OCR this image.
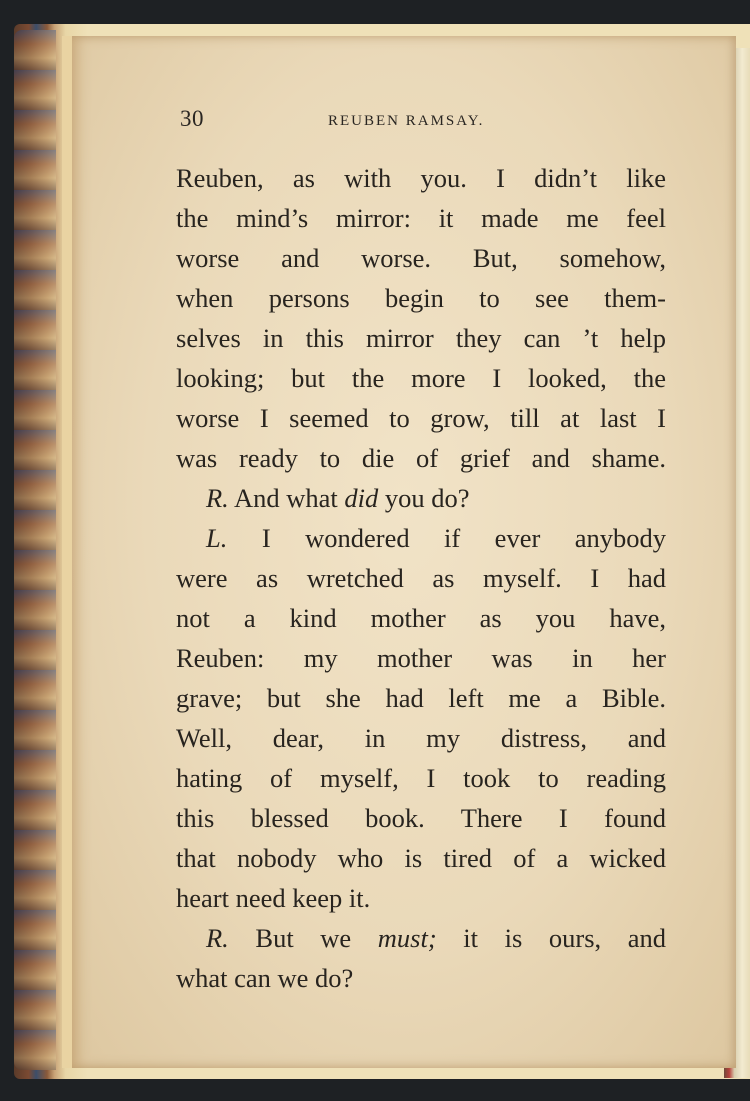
30	REUBEN RAMSAY.
Reuben, as with you. I didn’t like
the mind’s mirror: it made me feel
worse and worse. But, somehow,
when persons begin to see them-
selves in this mirror they can ’t help
looking; but the more I looked, the
worse I seemed to grow, till at last I
was ready to die of grief and shame.
R. And what did you do?
L. I wondered if ever anybody
were as wretched as myself. I had
not a kind mother as you have,
Reuben: my mother was in her
grave; but she had left me a Bible.
Well, dear, in my distress, and
hating of myself, I took to reading
this blessed book. There I found
that nobody who is tired of a wicked
heart need keep it.
R. But we must; it is ours, and
what can we do?
